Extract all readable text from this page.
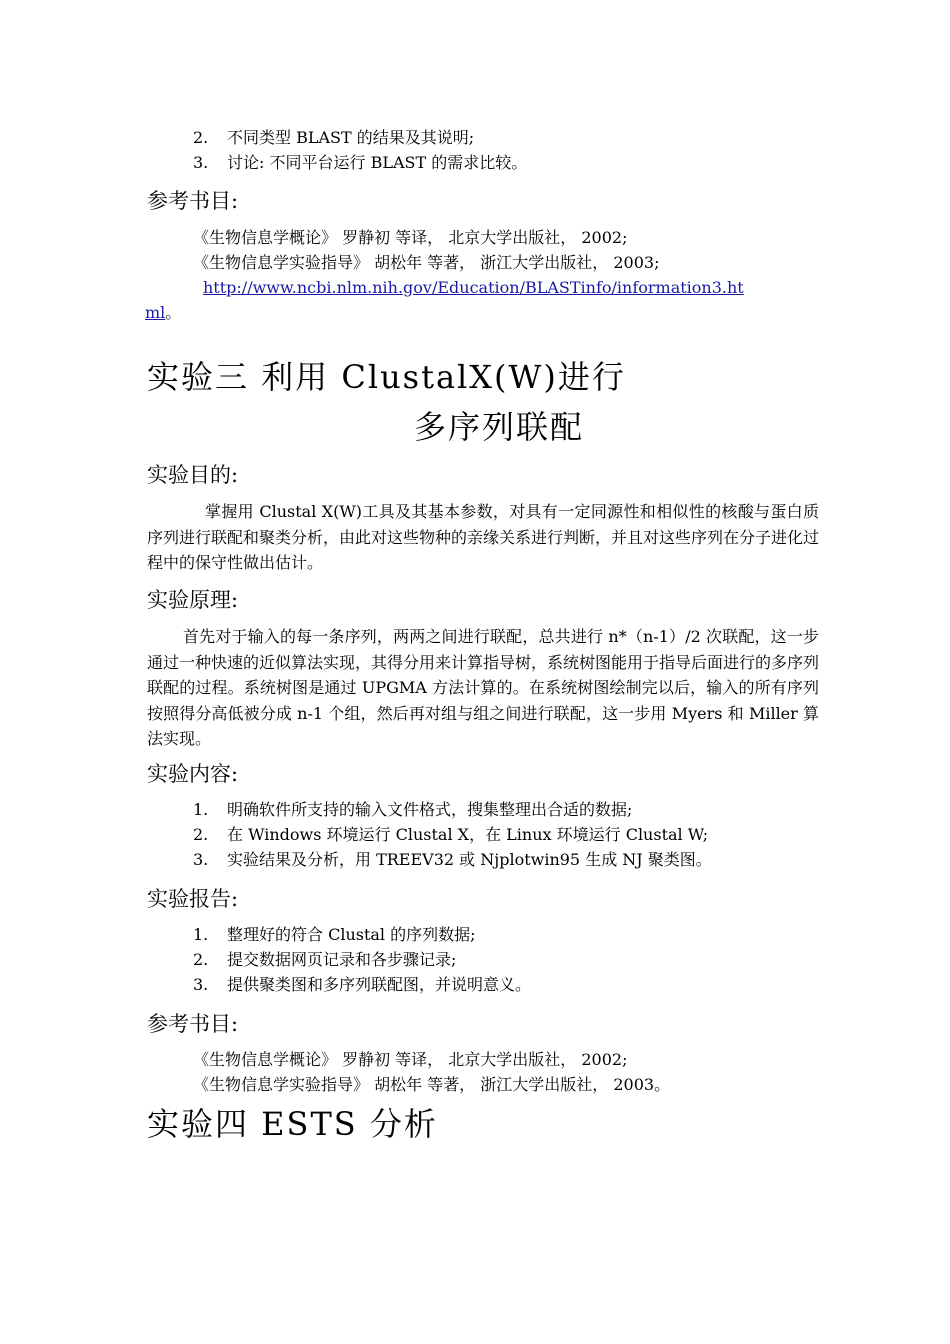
2. 不同类型 BLAST 的结果及其说明;
3. 讨论: 不同平台运行 BLAST 的需求比较。
参考书目:
《生物信息学概论》 罗静初 等译， 北京大学出版社， 2002;
《生物信息学实验指导》 胡松年 等著， 浙江大学出版社， 2003;
http://www.ncbi.nlm.nih.gov/Education/BLASTinfo/information3.ht
ml。
实验三 利用 ClustalX(W)进行
多序列联配
实验目的:
掌握用 Clustal X(W)工具及其基本参数，对具有一定同源性和相似性的核酸与蛋白质序列进行联配和聚类分析，由此对这些物种的亲缘关系进行判断，并且对这些序列在分子进化过程中的保守性做出估计。
实验原理:
首先对于输入的每一条序列，两两之间进行联配，总共进行 n*（n-1）/2 次联配，这一步通过一种快速的近似算法实现，其得分用来计算指导树，系统树图能用于指导后面进行的多序列联配的过程。系统树图是通过 UPGMA 方法计算的。在系统树图绘制完以后，输入的所有序列按照得分高低被分成 n-1 个组，然后再对组与组之间进行联配，这一步用 Myers 和 Miller 算法实现。
实验内容:
1. 明确软件所支持的输入文件格式，搜集整理出合适的数据;
2. 在 Windows 环境运行 Clustal X，在 Linux 环境运行 Clustal W;
3. 实验结果及分析，用 TREEV32 或 Njplotwin95 生成 NJ 聚类图。
实验报告:
1. 整理好的符合 Clustal 的序列数据;
2. 提交数据网页记录和各步骤记录;
3. 提供聚类图和多序列联配图，并说明意义。
参考书目:
《生物信息学概论》 罗静初 等译， 北京大学出版社， 2002;
《生物信息学实验指导》 胡松年 等著， 浙江大学出版社， 2003。
实验四 ESTS 分析
